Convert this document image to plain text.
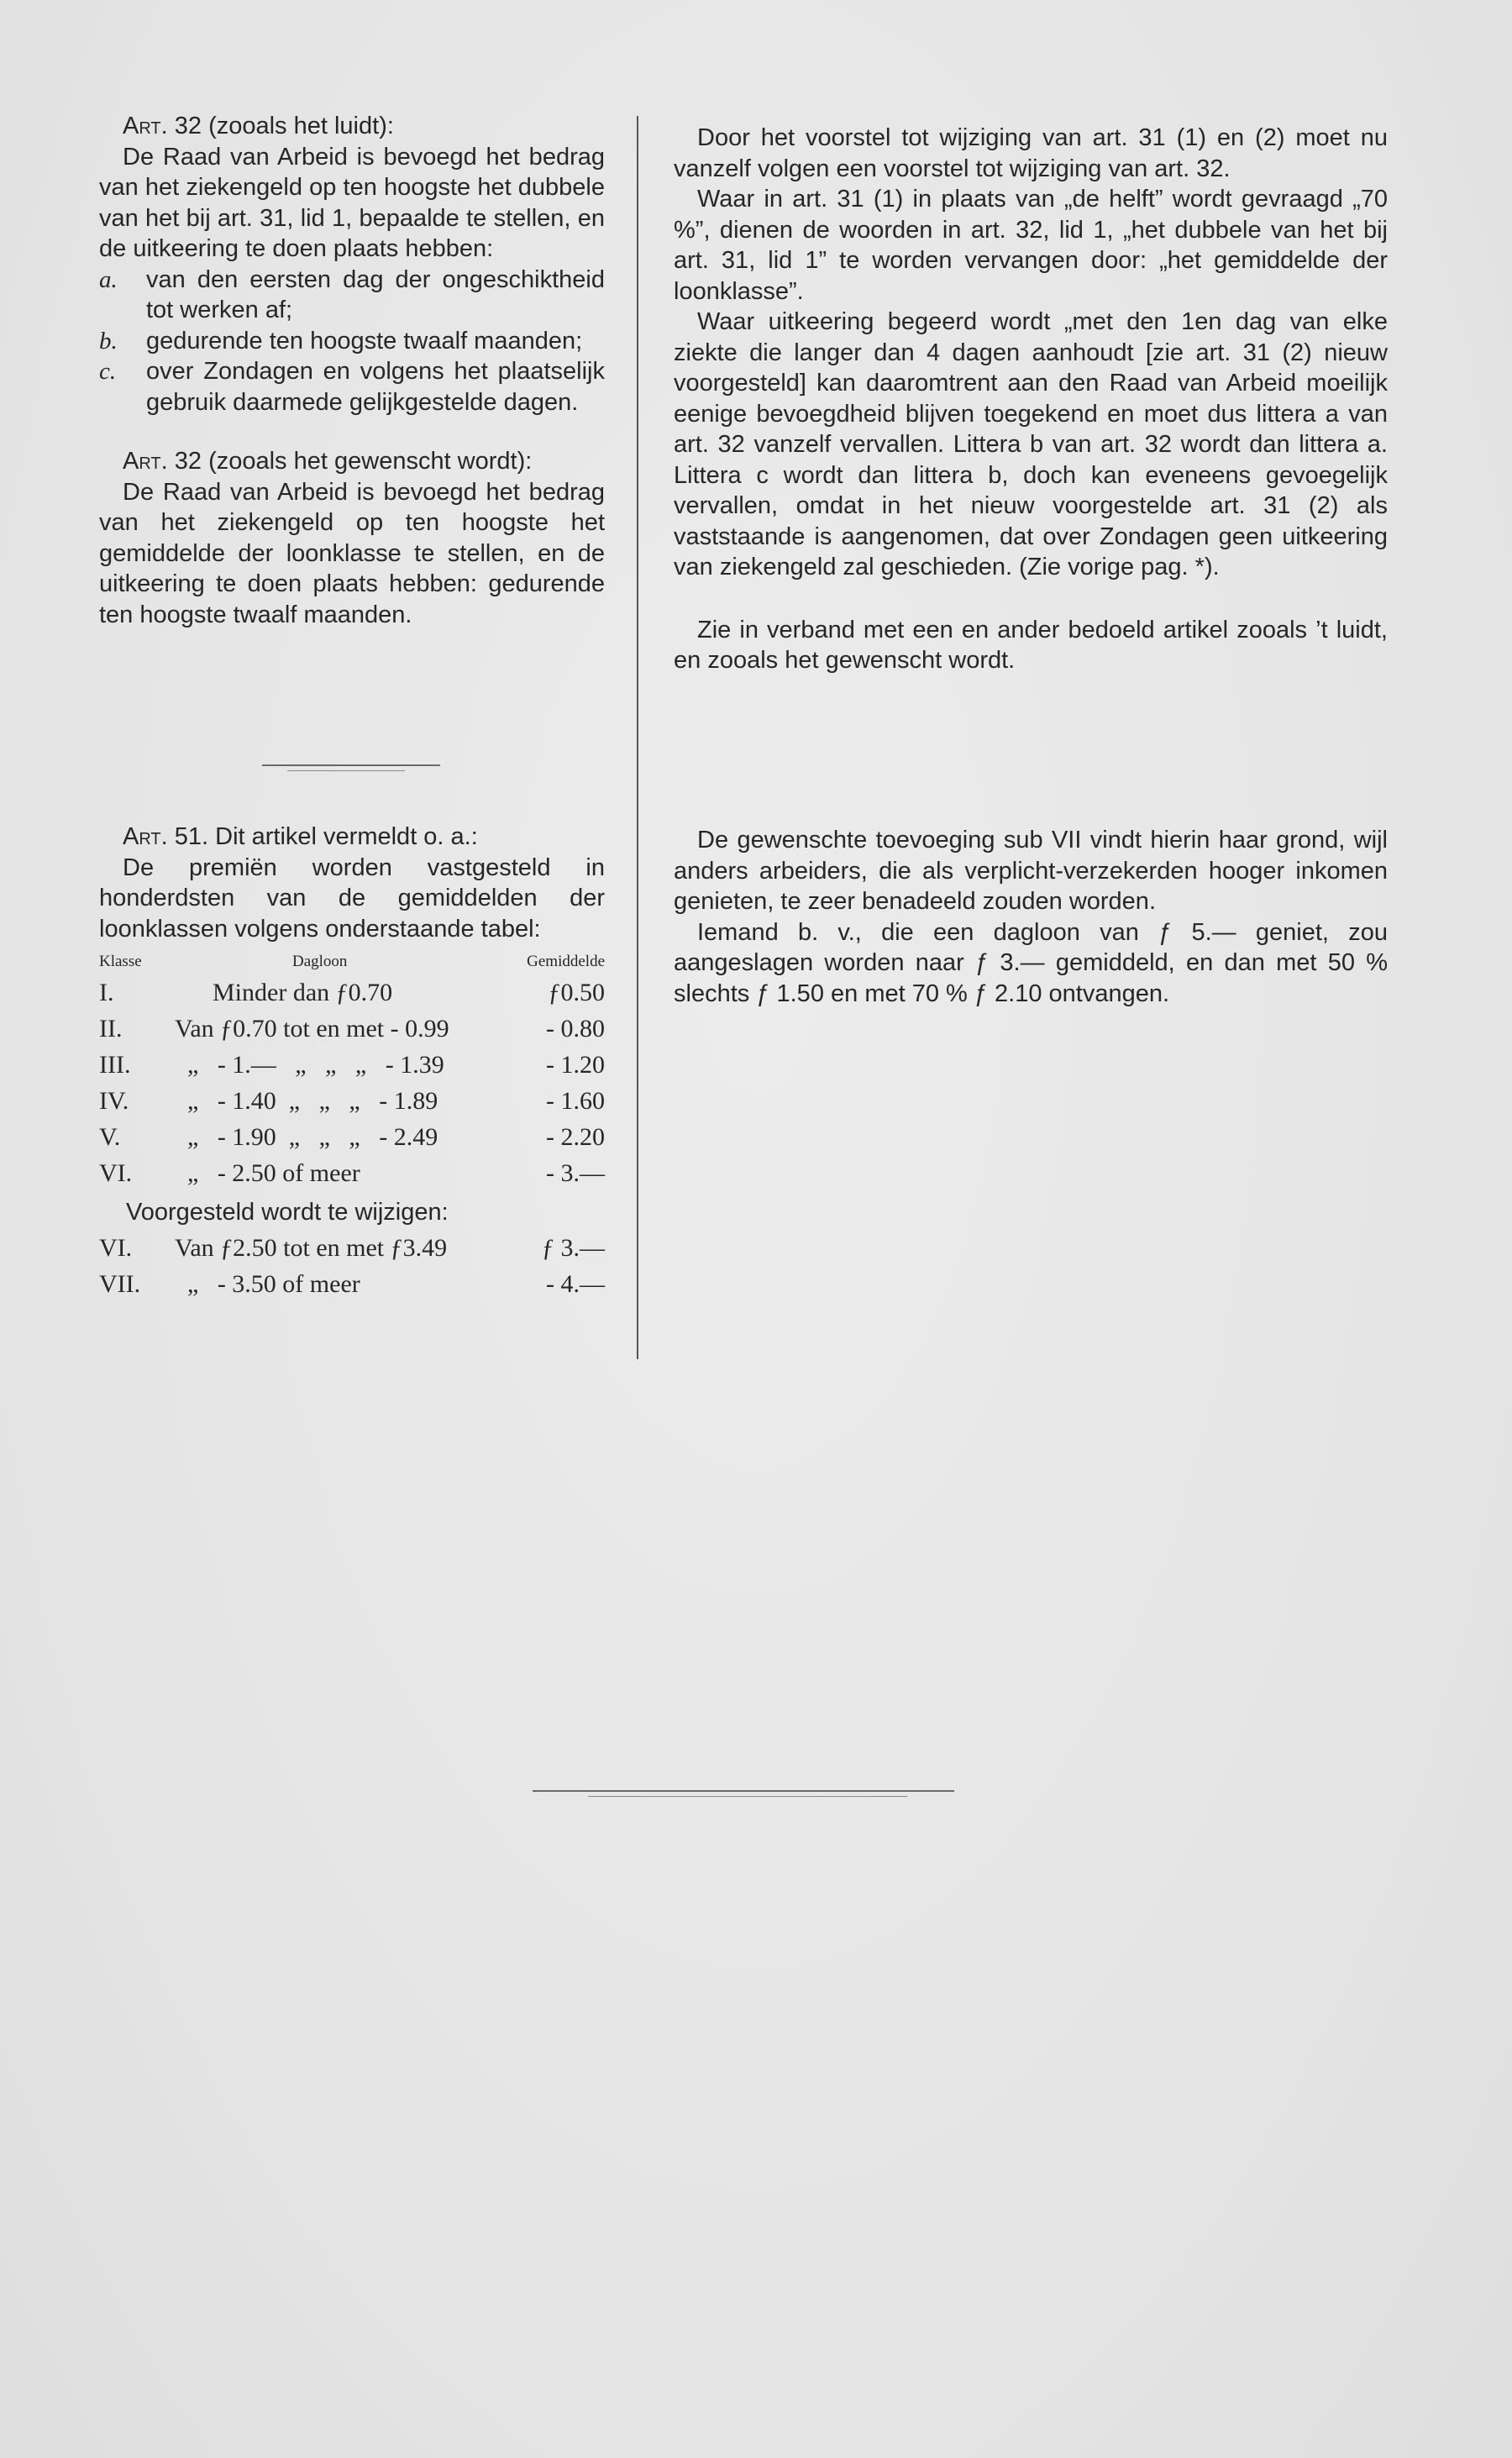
Art. 32 (zooals het luidt):

De Raad van Arbeid is bevoegd het bedrag van het ziekengeld op ten hoogste het dubbele van het bij art. 31, lid 1, bepaalde te stellen, en de uitkeering te doen plaats hebben:

a.	van den eersten dag der ongeschiktheid tot werken af;
b.	gedurende ten hoogste twaalf maanden;
c.	over Zondagen en volgens het plaatselijk gebruik daarmede gelijkgestelde dagen.

Art. 32 (zooals het gewenscht wordt):

De Raad van Arbeid is bevoegd het bedrag van het ziekengeld op ten hoogste het gemiddelde der loonklasse te stellen, en de uitkeering te doen plaats hebben: gedurende ten hoogste twaalf maanden.

Door het voorstel tot wijziging van art. 31 (1) en (2) moet nu vanzelf volgen een voorstel tot wijziging van art. 32.

Waar in art. 31 (1) in plaats van „de helft” wordt gevraagd „70 %”, dienen de woorden in art. 32, lid 1, „het dubbele van het bij art. 31, lid 1” te worden vervangen door: „het gemiddelde der loonklasse”.

Waar uitkeering begeerd wordt „met den 1en dag van elke ziekte die langer dan 4 dagen aanhoudt [zie art. 31 (2) nieuw voorgesteld] kan daaromtrent aan den Raad van Arbeid moeilijk eenige bevoegdheid blijven toegekend en moet dus littera a van art. 32 vanzelf vervallen. Littera b van art. 32 wordt dan littera a. Littera c wordt dan littera b, doch kan eveneens gevoegelijk vervallen, omdat in het nieuw voorgestelde art. 31 (2) als vaststaande is aangenomen, dat over Zondagen geen uitkeering van ziekengeld zal geschieden. (Zie vorige pag. *).

Zie in verband met een en ander bedoeld artikel zooals ’t luidt, en zooals het gewenscht wordt.

Art. 51. Dit artikel vermeldt o. a.:

De premiën worden vastgesteld in honderdsten van de gemiddelden der loonklassen volgens onderstaande tabel:

Klasse	Dagloon	Gemiddelde
I. Minder dan ƒ0.70	ƒ0.50
II. Van ƒ0.70 tot en met - 0.99	- 0.80
III. „   - 1.—   „   „   „   - 1.39	- 1.20
IV. „   - 1.40  „   „   „   - 1.89	- 1.60
V. „   - 1.90  „   „   „   - 2.49	- 2.20
VI. „   - 2.50 of meer	- 3.—
Voorgesteld wordt te wijzigen:
VI. Van ƒ2.50 tot en met ƒ3.49	ƒ 3.—
VII. „   - 3.50 of meer	- 4.—

De gewenschte toevoeging sub VII vindt hierin haar grond, wijl anders arbeiders, die als verplicht-verzekerden hooger inkomen genieten, te zeer benadeeld zouden worden.

Iemand b. v., die een dagloon van ƒ 5.— geniet, zou aangeslagen worden naar ƒ 3.— gemiddeld, en dan met 50 % slechts ƒ 1.50 en met 70 % ƒ 2.10 ontvangen.
